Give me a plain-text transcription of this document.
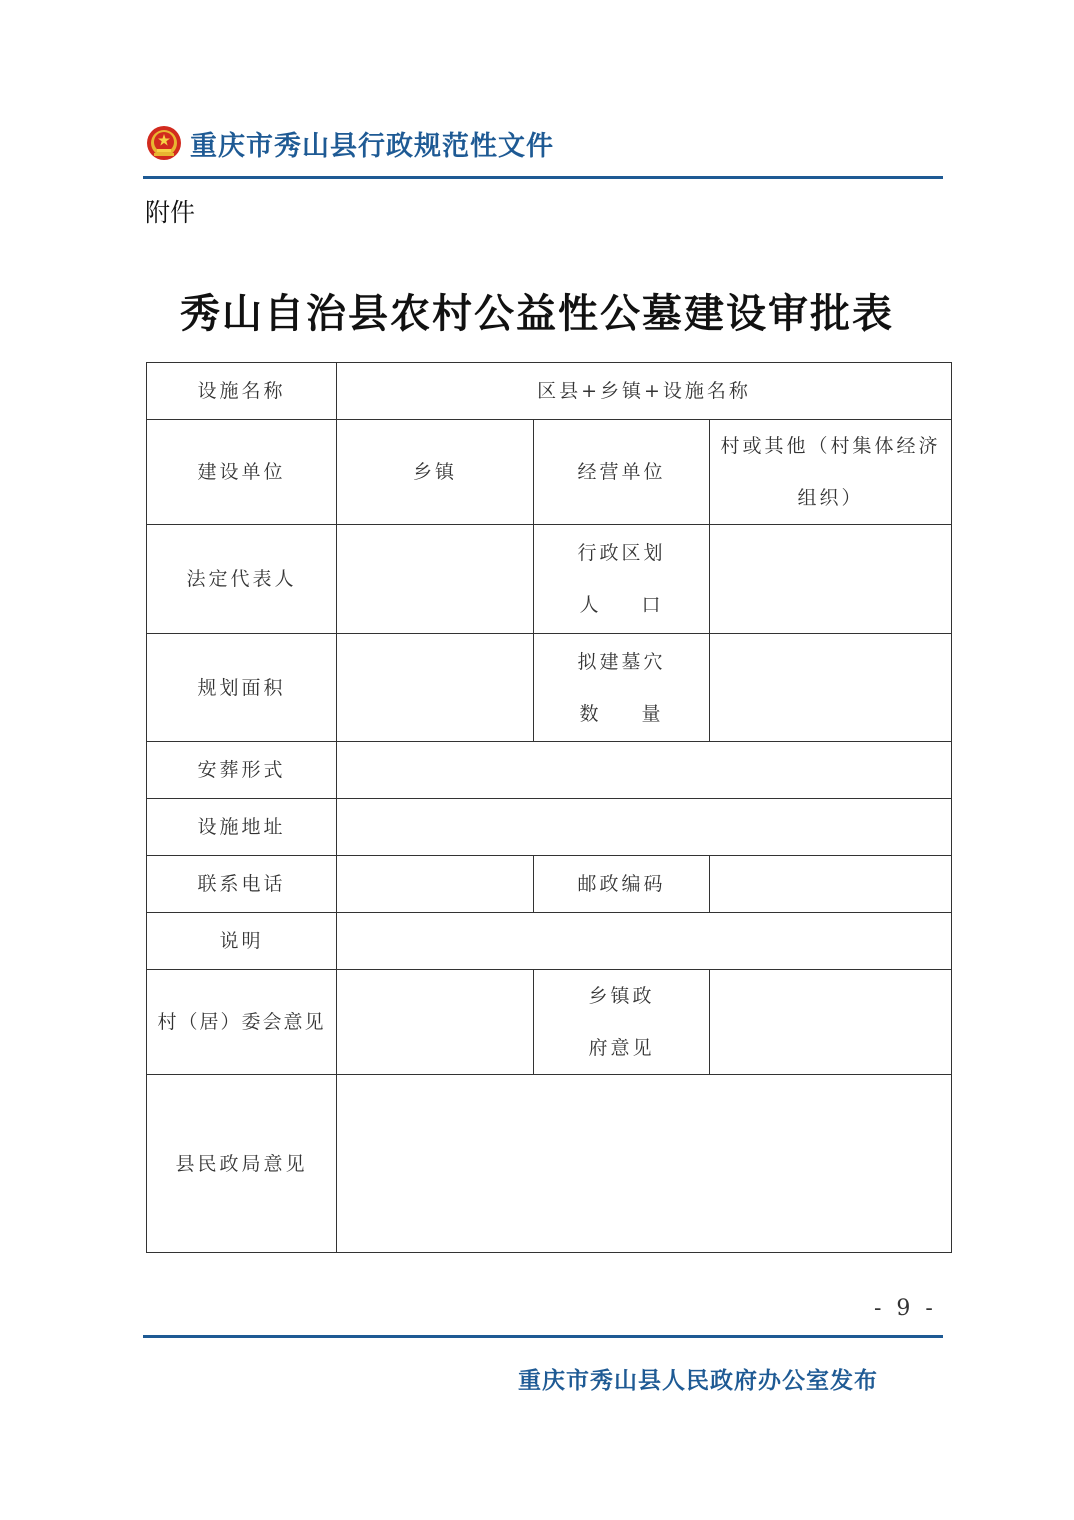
重庆市秀山县行政规范性文件
附件
秀山自治县农村公益性公墓建设审批表
设施名称	区县+乡镇+设施名称		
建设单位	乡镇	经营单位	村或其他（村集体经济
组织）

法定代表人		行政区划
人 口	

规划面积		拟建墓穴
数 量	

安葬形式			
设施地址			
联系电话		邮政编码	
说明			
村（居）委会意见		乡镇政
府意见	

县民政局意见			
- 9 -
重庆市秀山县人民政府办公室发布
